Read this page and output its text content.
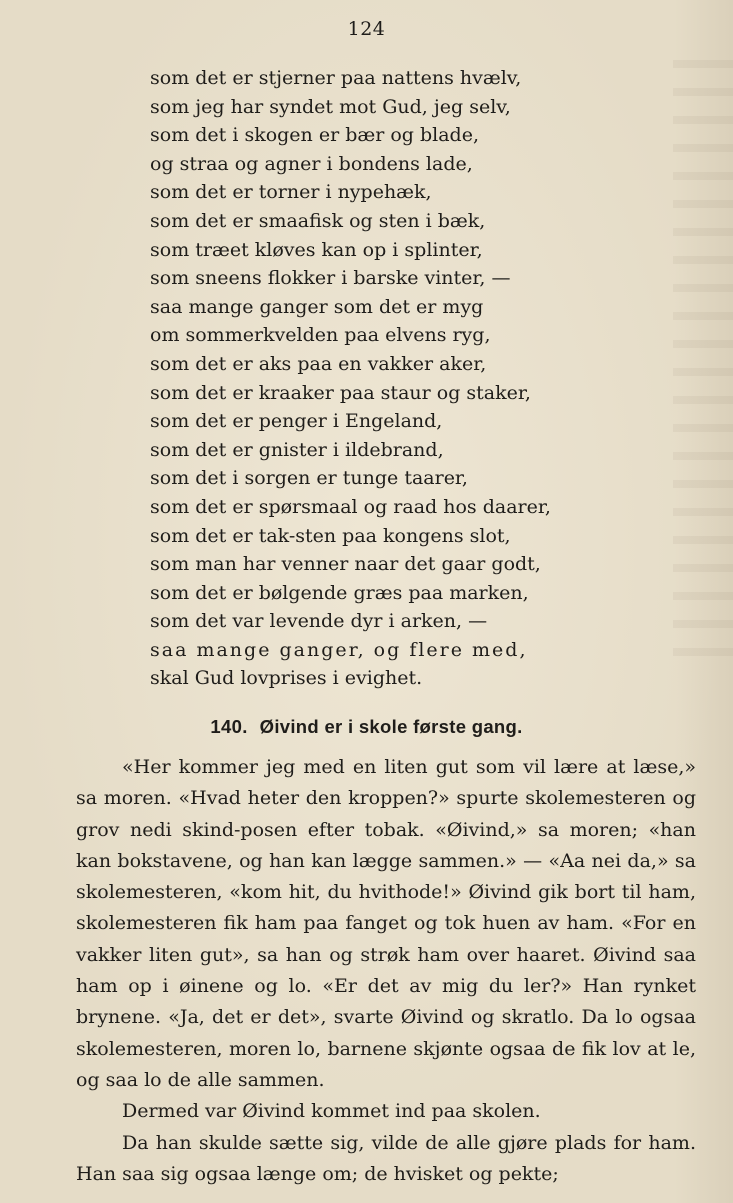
124
som det er stjerner paa nattens hvælv,
som jeg har syndet mot Gud, jeg selv,
som det i skogen er bær og blade,
og straa og agner i bondens lade,
som det er torner i nypehæk,
som det er smaafisk og sten i bæk,
som træet kløves kan op i splinter,
som sneens flokker i barske vinter, —
saa mange ganger som det er myg
om sommerkvelden paa elvens ryg,
som det er aks paa en vakker aker,
som det er kraaker paa staur og staker,
som det er penger i Engeland,
som det er gnister i ildebrand,
som det i sorgen er tunge taarer,
som det er spørsmaal og raad hos daarer,
som det er tak-sten paa kongens slot,
som man har venner naar det gaar godt,
som det er bølgende græs paa marken,
som det var levende dyr i arken, —
saa mange ganger, og flere med,
skal Gud lovprises i evighet.
140. Øivind er i skole første gang.

«Her kommer jeg med en liten gut som vil lære at læse,» sa moren. «Hvad heter den kroppen?» spurte skolemesteren og grov nedi skind-posen efter tobak. «Øivind,» sa moren; «han kan bokstavene, og han kan lægge sammen.» — «Aa nei da,» sa skolemesteren, «kom hit, du hvithode!» Øivind gik bort til ham, skolemesteren fik ham paa fanget og tok huen av ham. «For en vakker liten gut», sa han og strøk ham over haaret. Øivind saa ham op i øinene og lo. «Er det av mig du ler?» Han rynket brynene. «Ja, det er det», svarte Øivind og skratlo. Da lo ogsaa skolemesteren, moren lo, barnene skjønte ogsaa de fik lov at le, og saa lo de alle sammen.

Dermed var Øivind kommet ind paa skolen.

Da han skulde sætte sig, vilde de alle gjøre plads for ham. Han saa sig ogsaa længe om; de hvisket og pekte;
